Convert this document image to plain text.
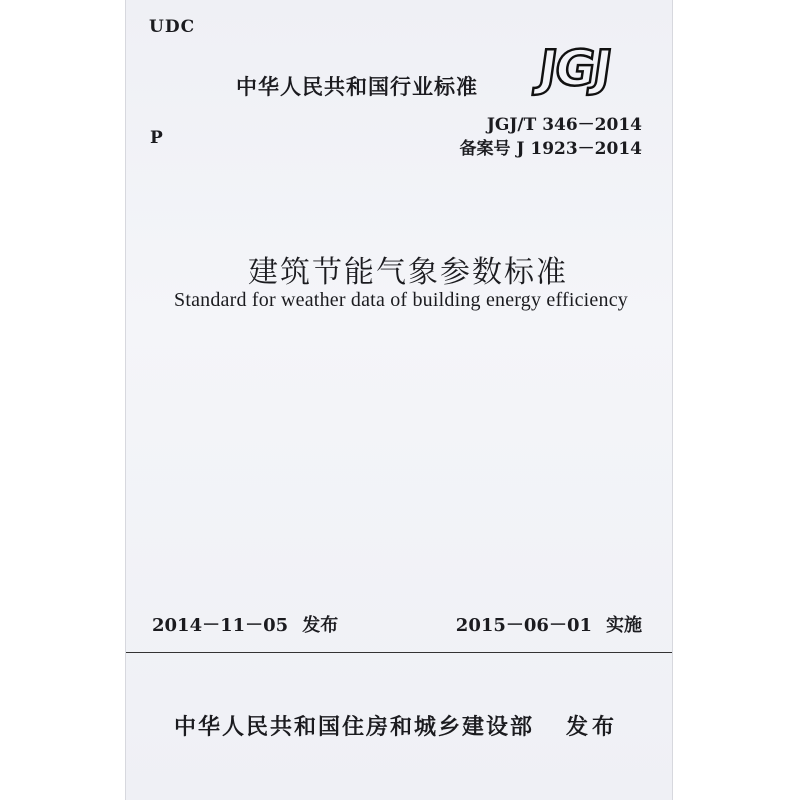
UDC
P
中华人民共和国行业标准 JGJ
JGJ/T 346－2014
备案号 J 1923－2014
建筑节能气象参数标准
Standard for weather data of building energy efficiency
2014－11－05 发布	2015－06－01 实施
中华人民共和国住房和城乡建设部 发布
